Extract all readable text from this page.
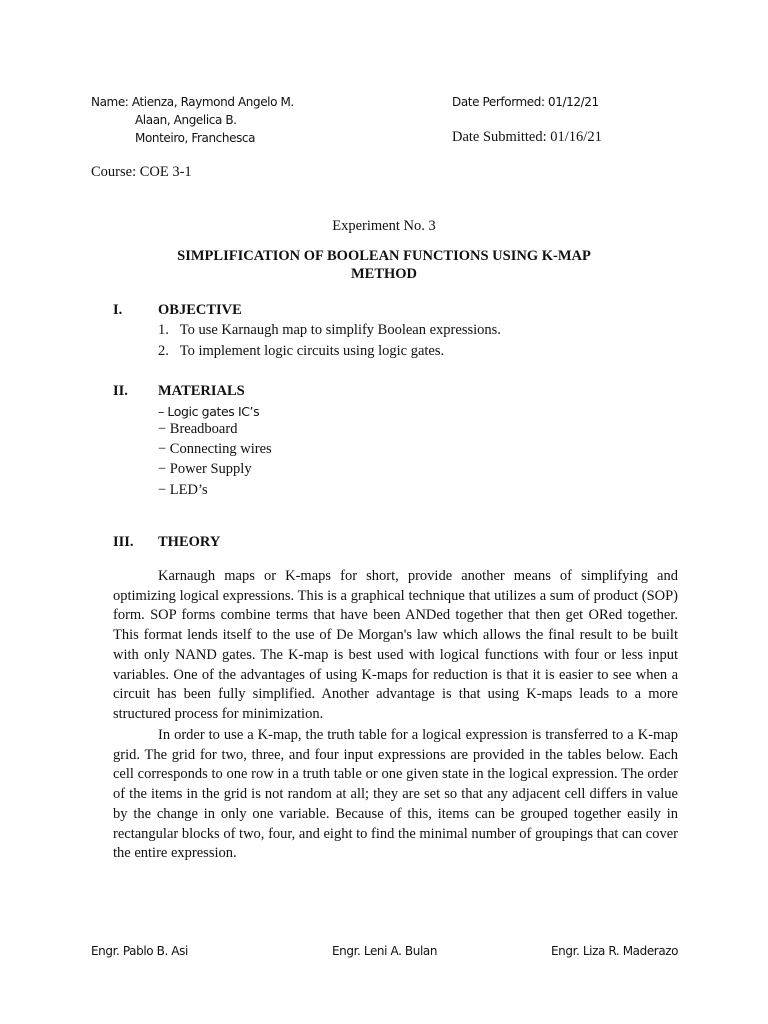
Name: Atienza, Raymond Angelo M.
Alaan, Angelica B.
Monteiro, Franchesca
Date Performed: 01/12/21
Date Submitted: 01/16/21
Course: COE 3-1
Experiment No. 3
SIMPLIFICATION OF BOOLEAN FUNCTIONS USING K-MAP
METHOD
I. OBJECTIVE
1.   To use Karnaugh map to simplify Boolean expressions.
2.   To implement logic circuits using logic gates.
II. MATERIALS
– Logic gates IC’s
− Breadboard
− Connecting wires
− Power Supply
− LED’s
III. THEORY

Karnaugh maps or K-maps for short, provide another means of simplifying and optimizing logical expressions. This is a graphical technique that utilizes a sum of product (SOP) form. SOP forms combine terms that have been ANDed together that then get ORed together. This format lends itself to the use of De Morgan's law which allows the final result to be built with only NAND gates. The K-map is best used with logical functions with four or less input variables. One of the advantages of using K-maps for reduction is that it is easier to see when a circuit has been fully simplified. Another advantage is that using K-maps leads to a more structured process for minimization.

In order to use a K-map, the truth table for a logical expression is transferred to a K-map grid. The grid for two, three, and four input expressions are provided in the tables below. Each cell corresponds to one row in a truth table or one given state in the logical expression. The order of the items in the grid is not random at all; they are set so that any adjacent cell differs in value by the change in only one variable. Because of this, items can be grouped together easily in rectangular blocks of two, four, and eight to find the minimal number of groupings that can cover the entire expression.

Engr. Pablo B. Asi	Engr. Leni A. Bulan	Engr. Liza R. Maderazo
